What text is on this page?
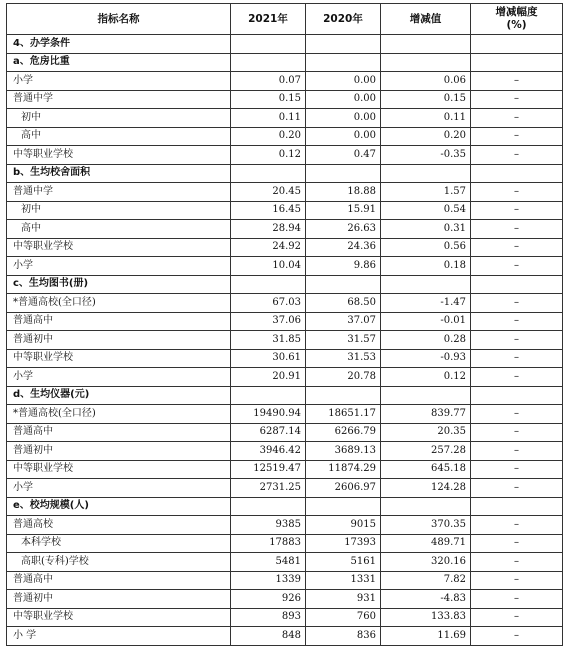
指标名称	2021年	2020年	增减值	增减幅度
(%)

4、办学条件				
a、危房比重				
小学	0.07	0.00	0.06	–
普通中学	0.15	0.00	0.15	–
初中	0.11	0.00	0.11	–
高中	0.20	0.00	0.20	–
中等职业学校	0.12	0.47	-0.35	–
b、生均校舍面积				
普通中学	20.45	18.88	1.57	–
初中	16.45	15.91	0.54	–
高中	28.94	26.63	0.31	–
中等职业学校	24.92	24.36	0.56	–
小学	10.04	9.86	0.18	–
c、生均图书(册)				
*普通高校(全口径)	67.03	68.50	-1.47	–
普通高中	37.06	37.07	-0.01	–
普通初中	31.85	31.57	0.28	–
中等职业学校	30.61	31.53	-0.93	–
小学	20.91	20.78	0.12	–
d、生均仪器(元)				
*普通高校(全口径)	19490.94	18651.17	839.77	–
普通高中	6287.14	6266.79	20.35	–
普通初中	3946.42	3689.13	257.28	–
中等职业学校	12519.47	11874.29	645.18	–
小学	2731.25	2606.97	124.28	–
e、校均规模(人)				
普通高校	9385	9015	370.35	–
本科学校	17883	17393	489.71	–
高职(专科)学校	5481	5161	320.16	–
普通高中	1339	1331	7.82	–
普通初中	926	931	-4.83	–
中等职业学校	893	760	133.83	–
小 学	848	836	11.69	–
